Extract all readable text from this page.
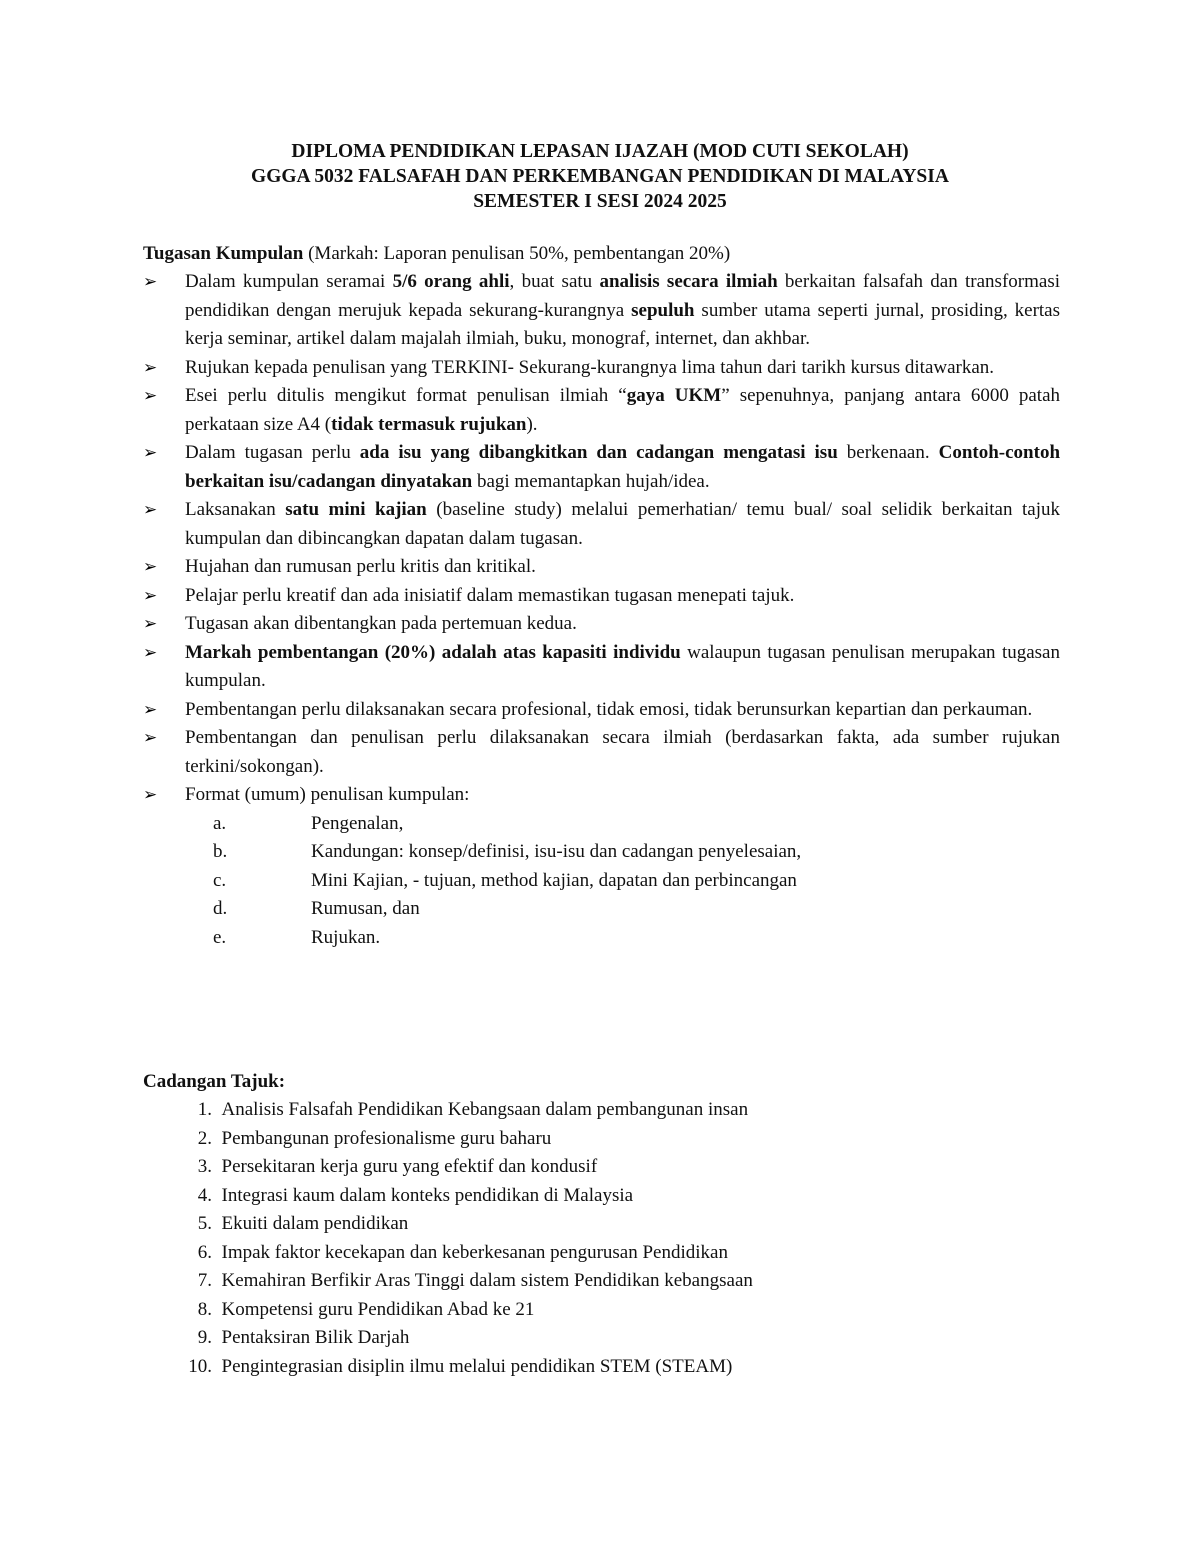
DIPLOMA PENDIDIKAN LEPASAN IJAZAH (MOD CUTI SEKOLAH)
GGGA 5032 FALSAFAH DAN PERKEMBANGAN PENDIDIKAN DI MALAYSIA
SEMESTER I SESI 2024 2025
Tugasan Kumpulan (Markah: Laporan penulisan 50%, pembentangan 20%)
➢	Dalam kumpulan seramai 5/6 orang ahli, buat satu analisis secara ilmiah berkaitan falsafah dan transformasi pendidikan dengan merujuk kepada sekurang-kurangnya sepuluh sumber utama seperti jurnal, prosiding, kertas kerja seminar, artikel dalam majalah ilmiah, buku, monograf, internet, dan akhbar.
➢	Rujukan kepada penulisan yang TERKINI- Sekurang-kurangnya lima tahun dari tarikh kursus ditawarkan.
➢	Esei perlu ditulis mengikut format penulisan ilmiah “gaya UKM” sepenuhnya, panjang antara 6000 patah perkataan size A4 (tidak termasuk rujukan).
➢	Dalam tugasan perlu ada isu yang dibangkitkan dan cadangan mengatasi isu berkenaan. Contoh-contoh berkaitan isu/cadangan dinyatakan bagi memantapkan hujah/idea.
➢	Laksanakan satu mini kajian (baseline study) melalui pemerhatian/ temu bual/ soal selidik berkaitan tajuk kumpulan dan dibincangkan dapatan dalam tugasan.
➢	Hujahan dan rumusan perlu kritis dan kritikal.
➢	Pelajar perlu kreatif dan ada inisiatif dalam memastikan tugasan menepati tajuk.
➢	Tugasan akan dibentangkan pada pertemuan kedua.
➢	Markah pembentangan (20%) adalah atas kapasiti individu walaupun tugasan penulisan merupakan tugasan kumpulan.
➢	Pembentangan perlu dilaksanakan secara profesional, tidak emosi, tidak berunsurkan kepartian dan perkauman.
➢	Pembentangan dan penulisan perlu dilaksanakan secara ilmiah (berdasarkan fakta, ada sumber rujukan terkini/sokongan).
➢	Format (umum) penulisan kumpulan:
a.	Pengenalan,
b.	Kandungan: konsep/definisi, isu-isu dan cadangan penyelesaian,
c.	Mini Kajian, - tujuan, method kajian, dapatan dan perbincangan
d.	Rumusan, dan
e.	Rujukan.
Cadangan Tajuk:
1.
Analisis Falsafah Pendidikan Kebangsaan dalam pembangunan insan
2.
Pembangunan profesionalisme guru baharu
3.
Persekitaran kerja guru yang efektif dan kondusif
4.
Integrasi kaum dalam konteks pendidikan di Malaysia
5.
Ekuiti dalam pendidikan
6.
Impak faktor kecekapan dan keberkesanan pengurusan Pendidikan
7.
Kemahiran Berfikir Aras Tinggi dalam sistem Pendidikan kebangsaan
8.
Kompetensi guru Pendidikan Abad ke 21
9.
Pentaksiran Bilik Darjah
10.
Pengintegrasian disiplin ilmu melalui pendidikan STEM (STEAM)
